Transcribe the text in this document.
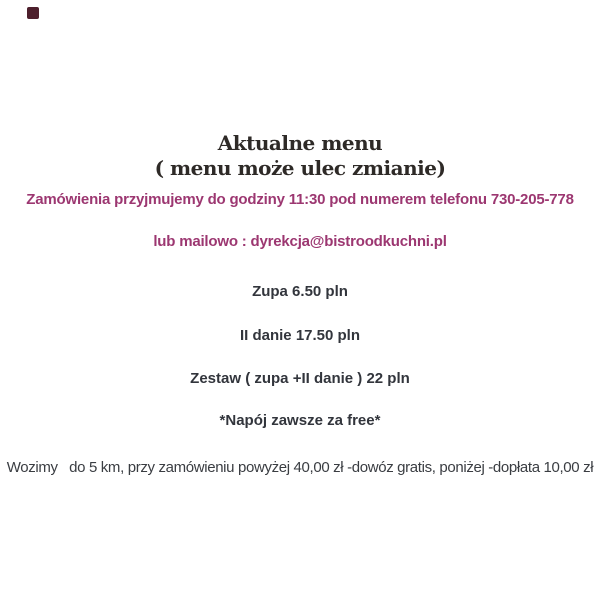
Aktualne menu
( menu może ulec zmianie)
Zamówienia przyjmujemy do godziny 11:30 pod numerem telefonu 730-205-778
lub mailowo : dyrekcja@bistroodkuchni.pl
Zupa 6.50 pln
II danie 17.50 pln
Zestaw ( zupa +II danie ) 22 pln
*Napój zawsze za free*
Wozimy   do 5 km, przy zamówieniu powyżej 40,00 zł -dowóz gratis, poniżej -dopłata 10,00 zł
